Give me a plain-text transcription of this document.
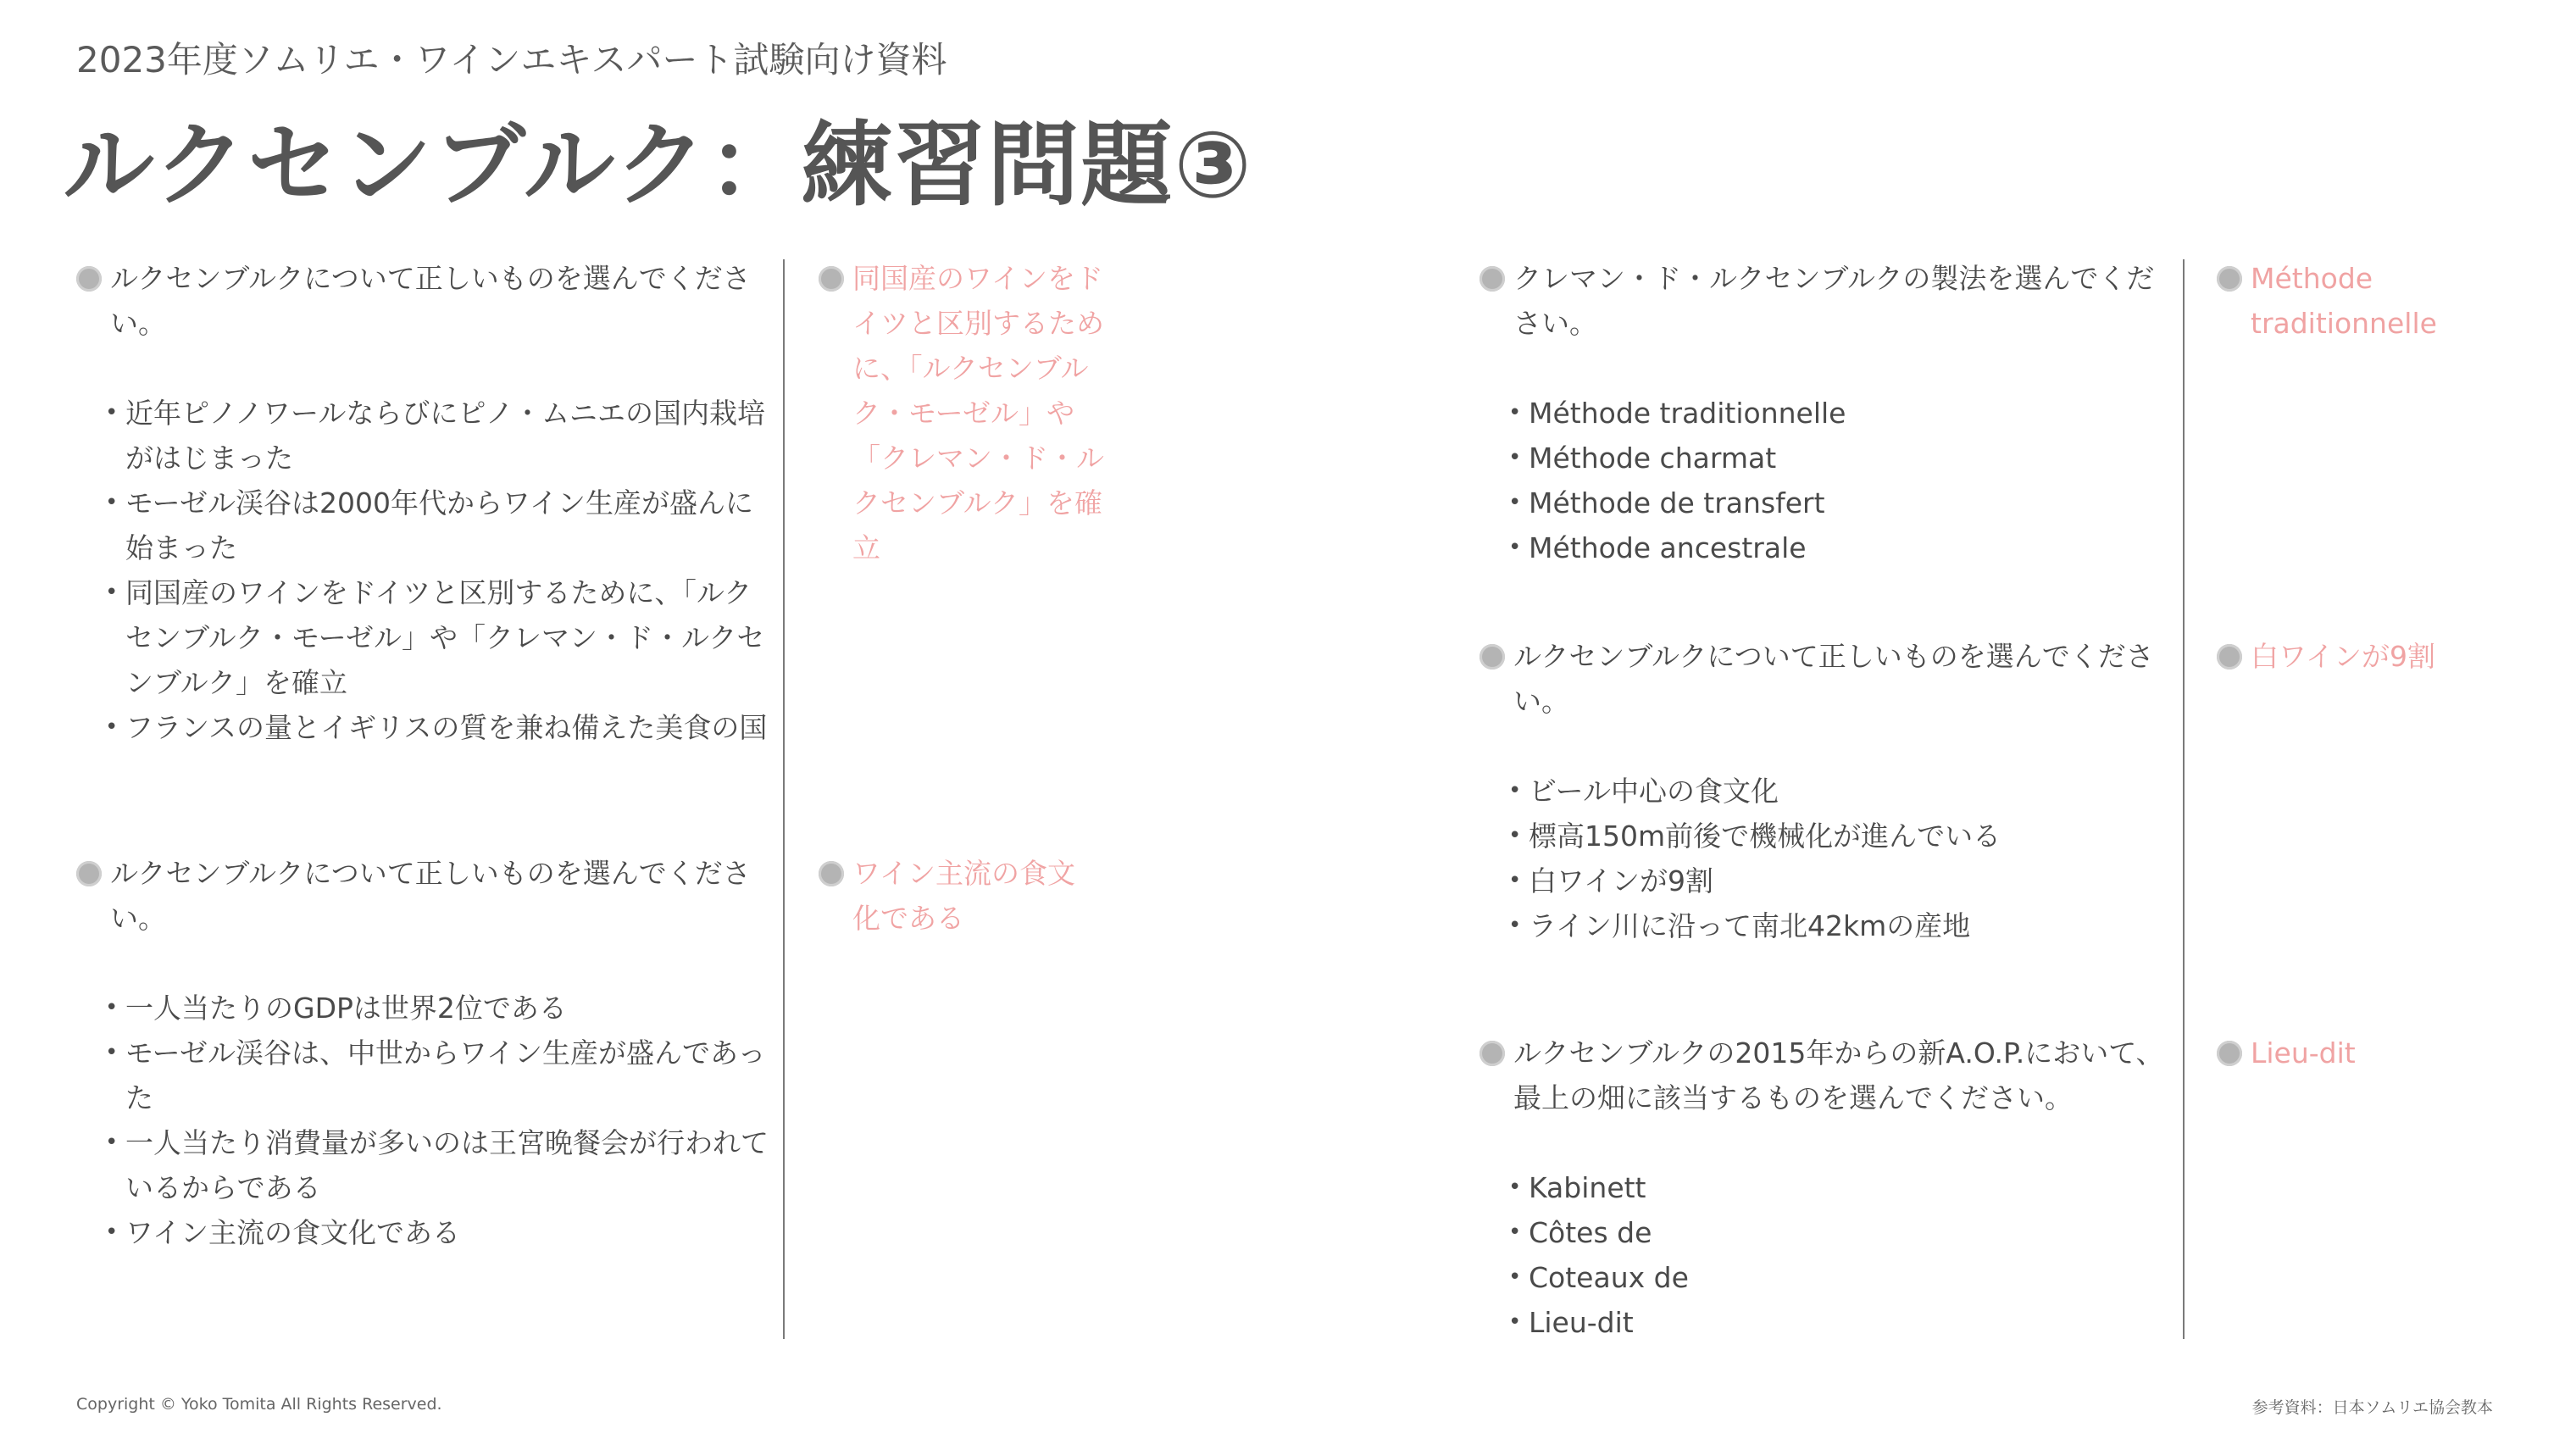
2023年度ソムリエ・ワインエキスパート試験向け資料
ルクセンブルク：練習問題③
ルクセンブルクについて正しいものを選んでください。
• 近年ピノノワールならびにピノ・ムニエの国内栽培がはじまった
• モーゼル渓谷は2000年代からワイン生産が盛んに始まった
• 同国産のワインをドイツと区別するために、「ルクセンブルク・モーゼル」や「クレマン・ド・ルクセンブルク」を確立
• フランスの量とイギリスの質を兼ね備えた美食の国
同国産のワインをドイツと区別するために、「ルクセンブルク・モーゼル」や「クレマン・ド・ルクセンブルク」を確立
ルクセンブルクについて正しいものを選んでください。
• 一人当たりのGDPは世界2位である
• モーゼル渓谷は、中世からワイン生産が盛んであった
• 一人当たり消費量が多いのは王宮晩餐会が行われているからである
• ワイン主流の食文化である
ワイン主流の食文化である
クレマン・ド・ルクセンブルクの製法を選んでください。
• Méthode traditionnelle
• Méthode charmat
• Méthode de transfert
• Méthode ancestrale
Méthode traditionnelle
ルクセンブルクについて正しいものを選んでください。
• ビール中心の食文化
• 標高150m前後で機械化が進んでいる
• 白ワインが9割
• ライン川に沿って南北42kmの産地
白ワインが9割
ルクセンブルクの2015年からの新A.O.P.において、最上の畑に該当するものを選んでください。
• Kabinett
• Côtes de
• Coteaux de
• Lieu-dit
Lieu-dit
Copyright © Yoko Tomita All Rights Reserved.	参考資料：日本ソムリエ協会教本
